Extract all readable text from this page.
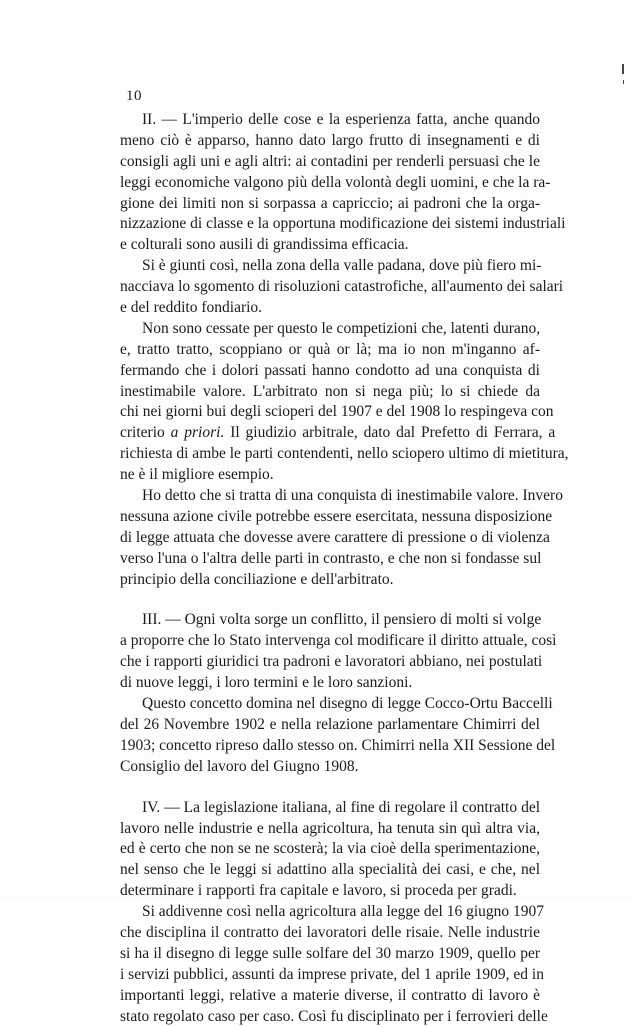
10
II. — L'imperio delle cose e la esperienza fatta, anche quando
meno ciò è apparso, hanno dato largo frutto di insegnamenti e di
consigli agli uni e agli altri: ai contadini per renderli persuasi che le
leggi economiche valgono più della volontà degli uomini, e che la ra-
gione dei limiti non si sorpassa a capriccio; ai padroni che la orga-
nizzazione di classe e la opportuna modificazione dei sistemi industriali
e colturali sono ausili di grandissima efficacia.
Si è giunti così, nella zona della valle padana, dove più fiero mi-
nacciava lo sgomento di risoluzioni catastrofiche, all'aumento dei salari
e del reddito fondiario.
Non sono cessate per questo le competizioni che, latenti durano,
e, tratto tratto, scoppiano or quà or là; ma io non m'inganno af-
fermando che i dolori passati hanno condotto ad una conquista di
inestimabile valore. L'arbitrato non si nega più; lo si chiede da
chi nei giorni bui degli scioperi del 1907 e del 1908 lo respingeva con
criterio a priori. Il giudizio arbitrale, dato dal Prefetto di Ferrara, a
richiesta di ambe le parti contendenti, nello sciopero ultimo di mietitura,
ne è il migliore esempio.
Ho detto che si tratta di una conquista di inestimabile valore. Invero
nessuna azione civile potrebbe essere esercitata, nessuna disposizione
di legge attuata che dovesse avere carattere di pressione o di violenza
verso l'una o l'altra delle parti in contrasto, e che non si fondasse sul
principio della conciliazione e dell'arbitrato.
III. — Ogni volta sorge un conflitto, il pensiero di molti si volge
a proporre che lo Stato intervenga col modificare il diritto attuale, così
che i rapporti giuridici tra padroni e lavoratori abbiano, nei postulati
di nuove leggi, i loro termini e le loro sanzioni.
Questo concetto domina nel disegno di legge Cocco-Ortu Baccelli
del 26 Novembre 1902 e nella relazione parlamentare Chimirri del
1903; concetto ripreso dallo stesso on. Chimirri nella XII Sessione del
Consiglio del lavoro del Giugno 1908.
IV. — La legislazione italiana, al fine di regolare il contratto del
lavoro nelle industrie e nella agricoltura, ha tenuta sin quì altra via,
ed è certo che non se ne scosterà; la via cioè della sperimentazione,
nel senso che le leggi si adattino alla specialità dei casi, e che, nel
determinare i rapporti fra capitale e lavoro, si proceda per gradi.
Si addivenne così nella agricoltura alla legge del 16 giugno 1907
che disciplina il contratto dei lavoratori delle risaie. Nelle industrie
si ha il disegno di legge sulle solfare del 30 marzo 1909, quello per
i servizi pubblici, assunti da imprese private, del 1 aprile 1909, ed in
importanti leggi, relative a materie diverse, il contratto di lavoro è
stato regolato caso per caso. Così fu disciplinato per i ferrovieri delle
